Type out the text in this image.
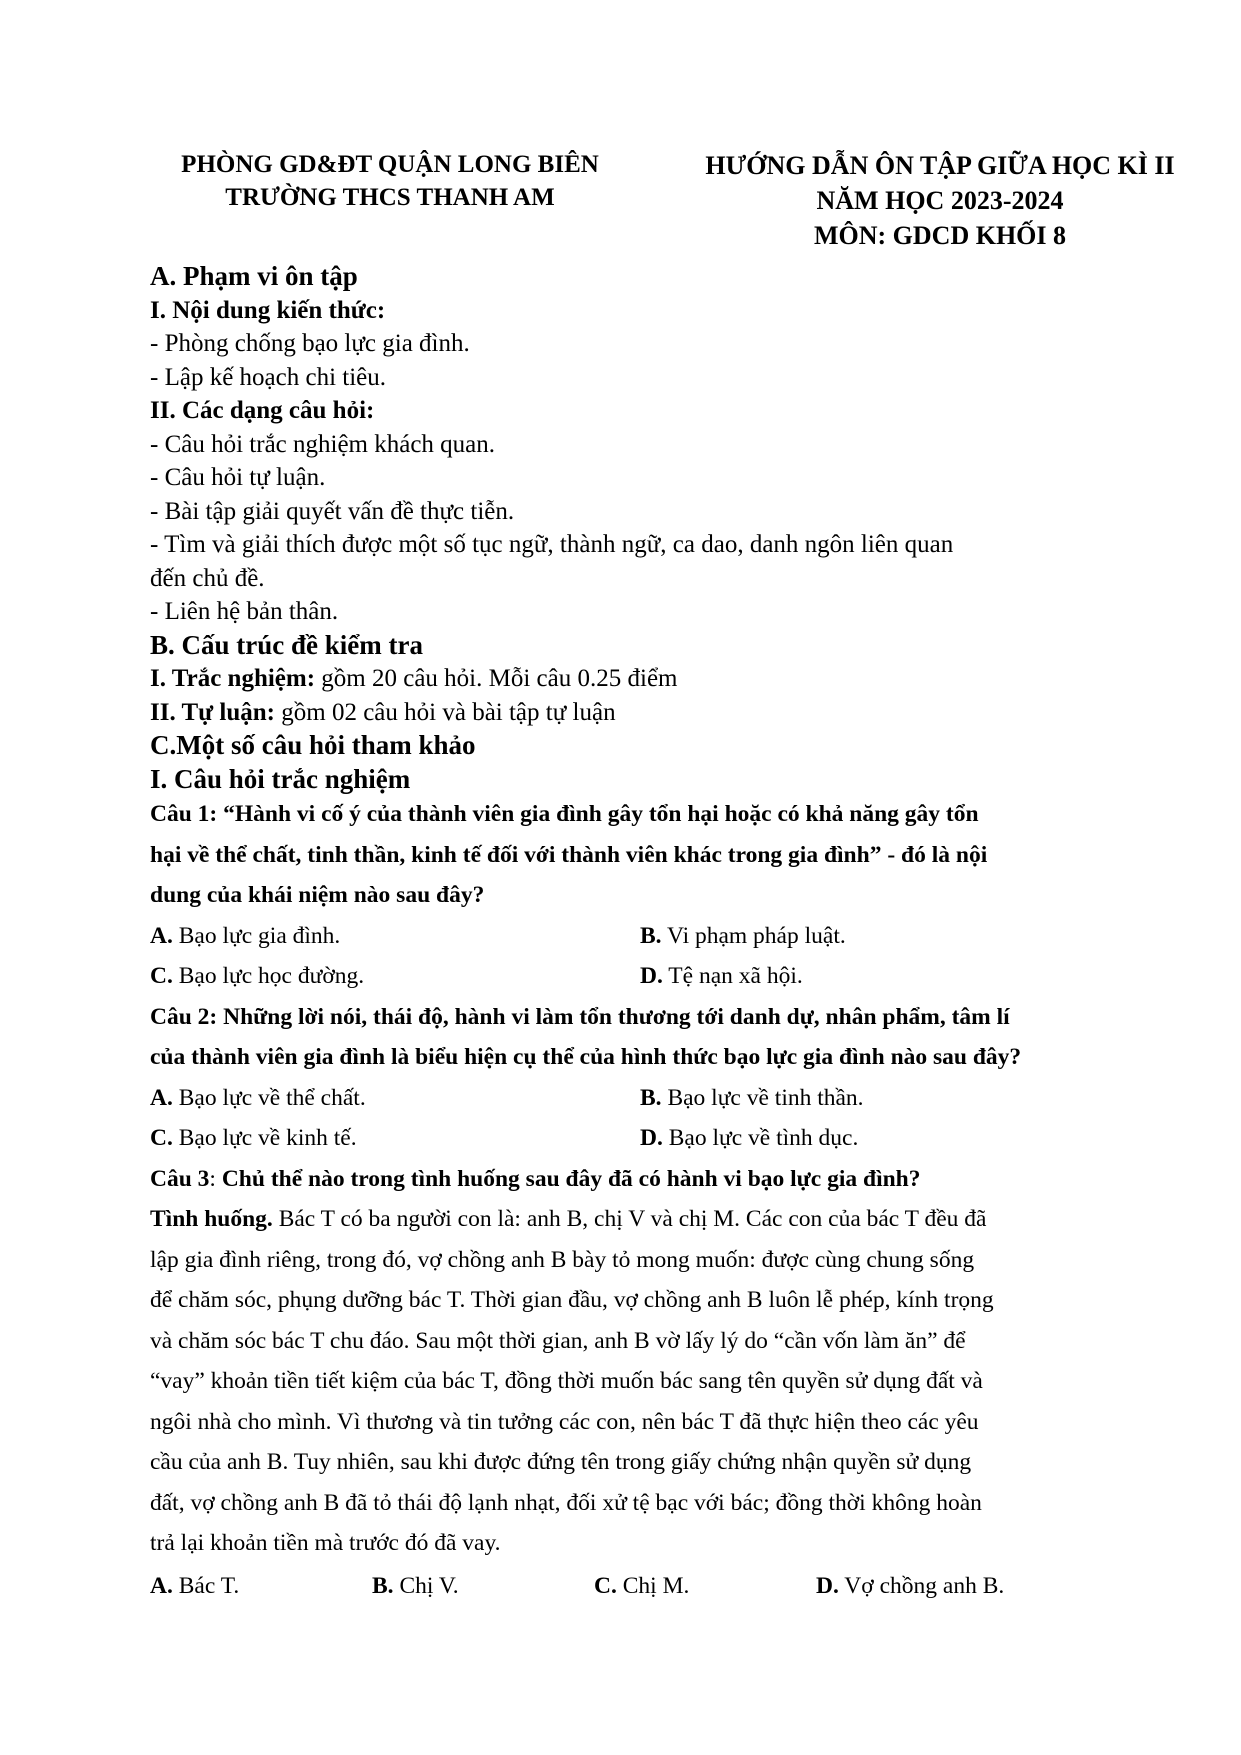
PHÒNG GD&ĐT QUẬN LONG BIÊN
TRƯỜNG THCS THANH AM
HƯỚNG DẪN ÔN TẬP GIỮA HỌC KÌ II
NĂM HỌC 2023-2024
MÔN: GDCD KHỐI 8
A. Phạm vi ôn tập
I. Nội dung kiến thức:
- Phòng chống bạo lực gia đình.
- Lập kế hoạch chi tiêu.
II. Các dạng câu hỏi:
- Câu hỏi trắc nghiệm khách quan.
- Câu hỏi tự luận.
- Bài tập giải quyết vấn đề thực tiễn.
- Tìm và giải thích được một số tục ngữ, thành ngữ, ca dao, danh ngôn liên quan
đến chủ đề.
- Liên hệ bản thân.
B. Cấu trúc đề kiểm tra
I. Trắc nghiệm: gồm 20 câu hỏi. Mỗi câu 0.25 điểm
II. Tự luận: gồm 02 câu hỏi và bài tập tự luận
C.Một số câu hỏi tham khảo
I. Câu hỏi trắc nghiệm
Câu 1: “Hành vi cố ý của thành viên gia đình gây tổn hại hoặc có khả năng gây tổn
hại về thể chất, tinh thần, kinh tế đối với thành viên khác trong gia đình” - đó là nội
dung của khái niệm nào sau đây?
A. Bạo lực gia đình.	B. Vi phạm pháp luật.
C. Bạo lực học đường.	D. Tệ nạn xã hội.
Câu 2: Những lời nói, thái độ, hành vi làm tổn thương tới danh dự, nhân phẩm, tâm lí
của thành viên gia đình là biểu hiện cụ thể của hình thức bạo lực gia đình nào sau đây?
A. Bạo lực về thể chất.	B. Bạo lực về tinh thần.
C. Bạo lực về kinh tế.	D. Bạo lực về tình dục.
Câu 3: Chủ thể nào trong tình huống sau đây đã có hành vi bạo lực gia đình?
Tình huống. Bác T có ba người con là: anh B, chị V và chị M. Các con của bác T đều đã
lập gia đình riêng, trong đó, vợ chồng anh B bày tỏ mong muốn: được cùng chung sống
để chăm sóc, phụng dưỡng bác T. Thời gian đầu, vợ chồng anh B luôn lễ phép, kính trọng
và chăm sóc bác T chu đáo. Sau một thời gian, anh B vờ lấy lý do “cần vốn làm ăn” để
“vay” khoản tiền tiết kiệm của bác T, đồng thời muốn bác sang tên quyền sử dụng đất và
ngôi nhà cho mình. Vì thương và tin tưởng các con, nên bác T đã thực hiện theo các yêu
cầu của anh B. Tuy nhiên, sau khi được đứng tên trong giấy chứng nhận quyền sử dụng
đất, vợ chồng anh B đã tỏ thái độ lạnh nhạt, đối xử tệ bạc với bác; đồng thời không hoàn
trả lại khoản tiền mà trước đó đã vay.
A. Bác T.	B. Chị V.	C. Chị M.	D. Vợ chồng anh B.
